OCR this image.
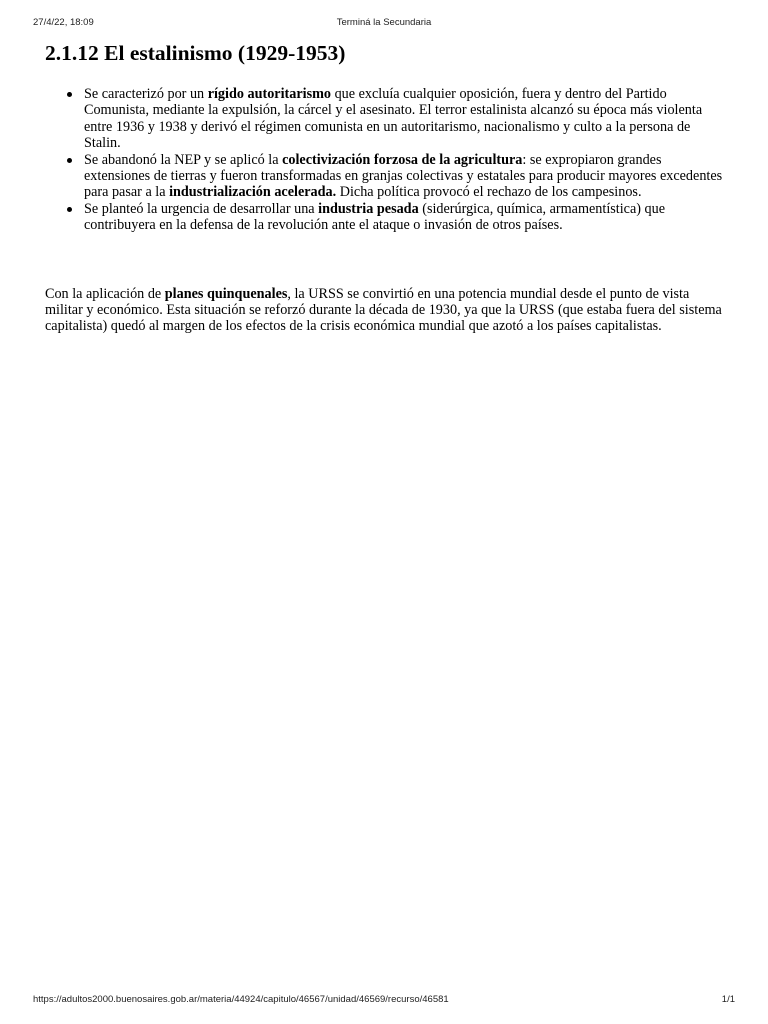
27/4/22, 18:09	Terminá la Secundaria
2.1.12 El estalinismo (1929-1953)
Se caracterizó por un rígido autoritarismo que excluía cualquier oposición, fuera y dentro del Partido Comunista, mediante la expulsión, la cárcel y el asesinato. El terror estalinista alcanzó su época más violenta entre 1936 y 1938 y derivó el régimen comunista en un autoritarismo, nacionalismo y culto a la persona de Stalin.
Se abandonó la NEP y se aplicó la colectivización forzosa de la agricultura: se expropiaron grandes extensiones de tierras y fueron transformadas en granjas colectivas y estatales para producir mayores excedentes para pasar a la industrialización acelerada. Dicha política provocó el rechazo de los campesinos.
Se planteó la urgencia de desarrollar una industria pesada (siderúrgica, química, armamentística) que contribuyera en la defensa de la revolución ante el ataque o invasión de otros países.

Con la aplicación de planes quinquenales, la URSS se convirtió en una potencia mundial desde el punto de vista militar y económico. Esta situación se reforzó durante la década de 1930, ya que la URSS (que estaba fuera del sistema capitalista) quedó al margen de los efectos de la crisis económica mundial que azotó a los países capitalistas.

https://adultos2000.buenosaires.gob.ar/materia/44924/capitulo/46567/unidad/46569/recurso/46581	1/1
